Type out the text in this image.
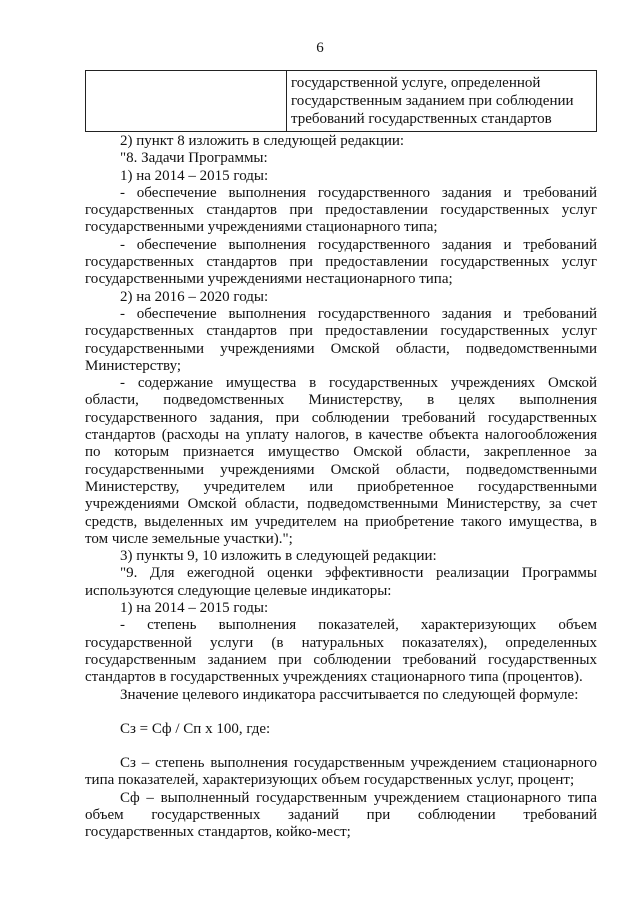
6

государственной услуге, определенной
государственным заданием при соблюдении
требований государственных стандартов
2) пункт 8 изложить в следующей редакции:
"8. Задачи Программы:
1) на 2014 – 2015 годы:
- обеспечение выполнения государственного задания и требований
государственных стандартов при предоставлении государственных услуг
государственными учреждениями стационарного типа;
- обеспечение выполнения государственного задания и требований
государственных стандартов при предоставлении государственных услуг
государственными учреждениями нестационарного типа;
2) на 2016 – 2020 годы:
- обеспечение выполнения государственного задания и требований
государственных стандартов при предоставлении государственных услуг
государственными учреждениями Омской области, подведомственными
Министерству;
- содержание имущества в государственных учреждениях Омской
области, подведомственных Министерству, в целях выполнения
государственного задания, при соблюдении требований государственных
стандартов (расходы на уплату налогов, в качестве объекта налогообложения
по которым признается имущество Омской области, закрепленное за
государственными учреждениями Омской области, подведомственными
Министерству, учредителем или приобретенное государственными
учреждениями Омской области, подведомственными Министерству, за счет
средств, выделенных им учредителем на приобретение такого имущества, в
том числе земельные участки).";
3) пункты 9, 10 изложить в следующей редакции:
"9. Для ежегодной оценки эффективности реализации Программы
используются следующие целевые индикаторы:
1) на 2014 – 2015 годы:
- степень выполнения показателей, характеризующих объем
государственной услуги (в натуральных показателях), определенных
государственным заданием при соблюдении требований государственных
стандартов в государственных учреждениях стационарного типа (процентов).
Значение целевого индикатора рассчитывается по следующей формуле:
Сз = Сф / Сп х 100, где:
Сз – степень выполнения государственным учреждением стационарного
типа показателей, характеризующих объем государственных услуг, процент;
Сф – выполненный государственным учреждением стационарного типа
объем государственных заданий при соблюдении требований
государственных стандартов, койко-мест;
